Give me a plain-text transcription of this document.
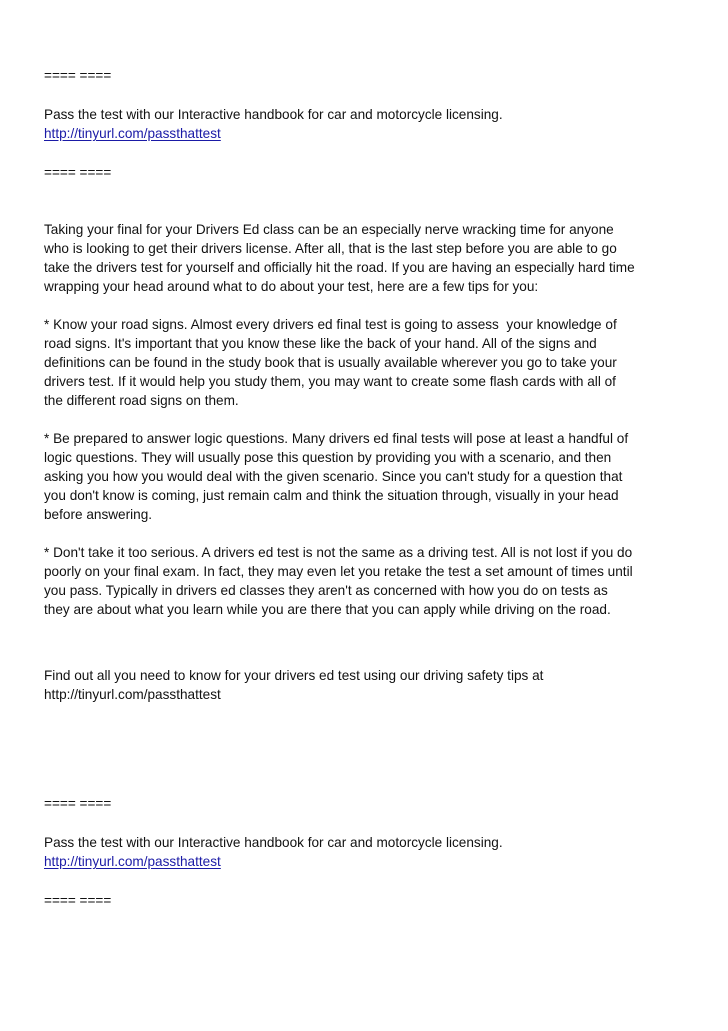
==== ====

Pass the test with our Interactive handbook for car and motorcycle licensing.

http://tinyurl.com/passthattest

==== ====

Taking your final for your Drivers Ed class can be an especially nerve wracking time for anyone

who is looking to get their drivers license. After all, that is the last step before you are able to go

take the drivers test for yourself and officially hit the road. If you are having an especially hard time

wrapping your head around what to do about your test, here are a few tips for you:

* Know your road signs. Almost every drivers ed final test is going to assess  your knowledge of

road signs. It's important that you know these like the back of your hand. All of the signs and

definitions can be found in the study book that is usually available wherever you go to take your

drivers test. If it would help you study them, you may want to create some flash cards with all of

the different road signs on them.

* Be prepared to answer logic questions. Many drivers ed final tests will pose at least a handful of

logic questions. They will usually pose this question by providing you with a scenario, and then

asking you how you would deal with the given scenario. Since you can't study for a question that

you don't know is coming, just remain calm and think the situation through, visually in your head

before answering.

* Don't take it too serious. A drivers ed test is not the same as a driving test. All is not lost if you do

poorly on your final exam. In fact, they may even let you retake the test a set amount of times until

you pass. Typically in drivers ed classes they aren't as concerned with how you do on tests as

they are about what you learn while you are there that you can apply while driving on the road.

Find out all you need to know for your drivers ed test using our driving safety tips at

http://tinyurl.com/passthattest

==== ====

Pass the test with our Interactive handbook for car and motorcycle licensing.

http://tinyurl.com/passthattest

==== ====
